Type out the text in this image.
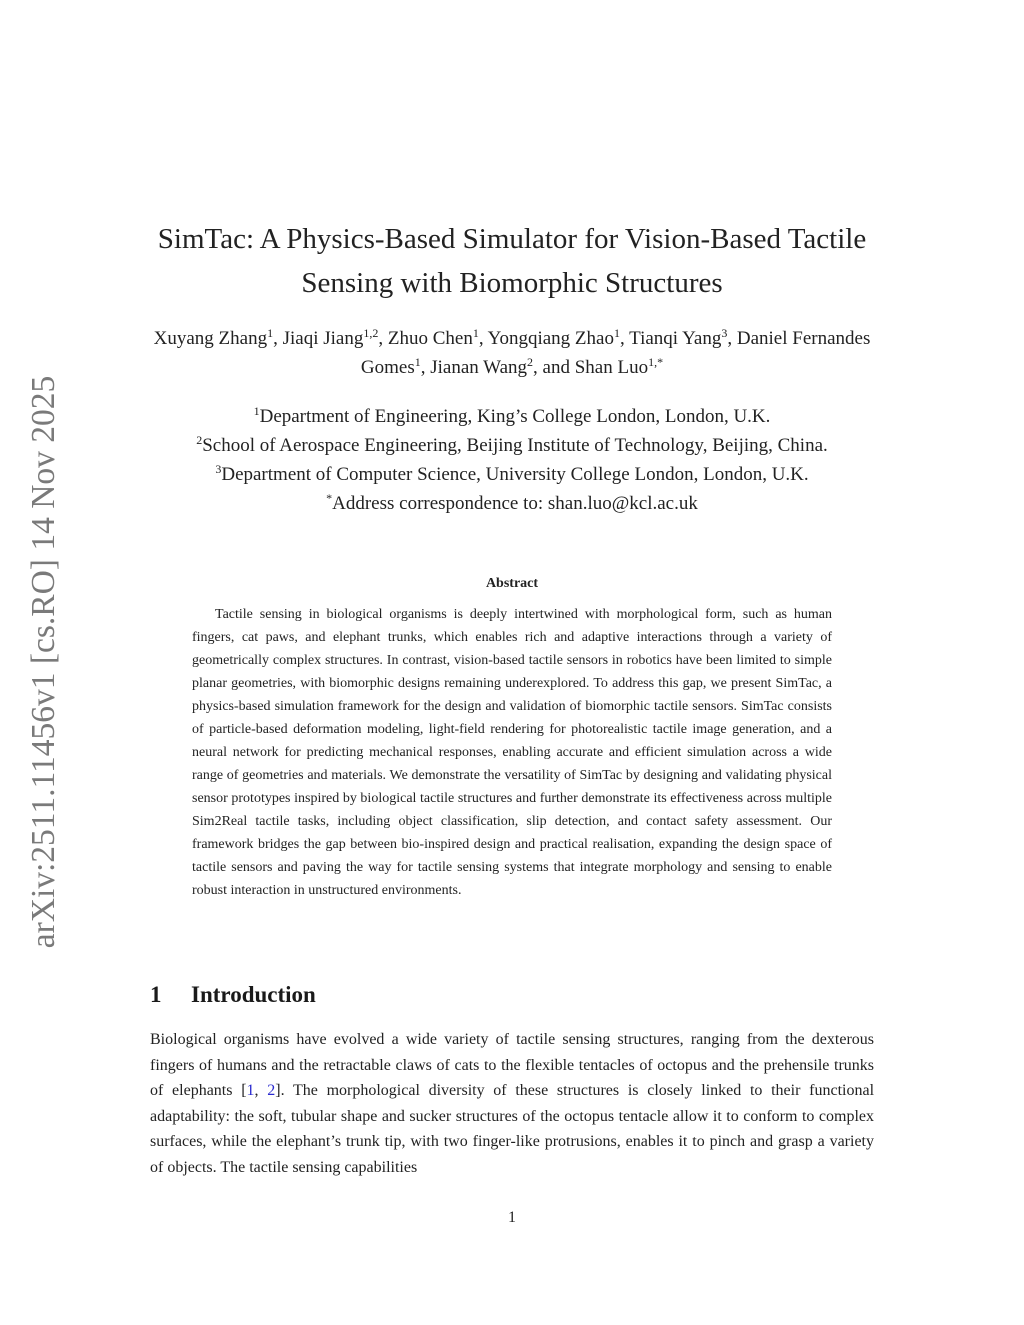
arXiv:2511.11456v1 [cs.RO] 14 Nov 2025
SimTac: A Physics-Based Simulator for Vision-Based Tactile
Sensing with Biomorphic Structures
Xuyang Zhang$^1$, Jiaqi Jiang$^{1,2}$, Zhuo Chen$^1$, Yongqiang Zhao$^1$, Tianqi Yang$^3$, Daniel Fernandes Gomes$^1$, Jianan Wang$^2$, and Shan Luo$^{1,*}$
$^1$Department of Engineering, King’s College London, London, U.K.
$^2$School of Aerospace Engineering, Beijing Institute of Technology, Beijing, China.
$^3$Department of Computer Science, University College London, London, U.K.
*Address correspondence to: shan.luo@kcl.ac.uk
Abstract
Tactile sensing in biological organisms is deeply intertwined with morphological form, such as human fingers, cat paws, and elephant trunks, which enables rich and adaptive interactions through a variety of geometrically complex structures. In contrast, vision-based tactile sensors in robotics have been limited to simple planar geometries, with biomorphic designs remaining underexplored. To address this gap, we present SimTac, a physics-based simulation framework for the design and validation of biomorphic tactile sensors. SimTac consists of particle-based deformation modeling, light-field rendering for photorealistic tactile image generation, and a neural network for predicting mechanical responses, enabling accurate and efficient simulation across a wide range of geometries and materials. We demonstrate the versatility of SimTac by designing and validating physical sensor prototypes inspired by biological tactile structures and further demonstrate its effectiveness across multiple Sim2Real tactile tasks, including object classification, slip detection, and contact safety assessment. Our framework bridges the gap between bio-inspired design and practical realisation, expanding the design space of tactile sensors and paving the way for tactile sensing systems that integrate morphology and sensing to enable robust interaction in unstructured environments.
1 Introduction
Biological organisms have evolved a wide variety of tactile sensing structures, ranging from the dexterous fingers of humans and the retractable claws of cats to the flexible tentacles of octopus and the prehensile trunks of elephants [1, 2]. The morphological diversity of these structures is closely linked to their functional adaptability: the soft, tubular shape and sucker structures of the octopus tentacle allow it to conform to complex surfaces, while the elephant’s trunk tip, with two finger-like protrusions, enables it to pinch and grasp a variety of objects. The tactile sensing capabilities
1
